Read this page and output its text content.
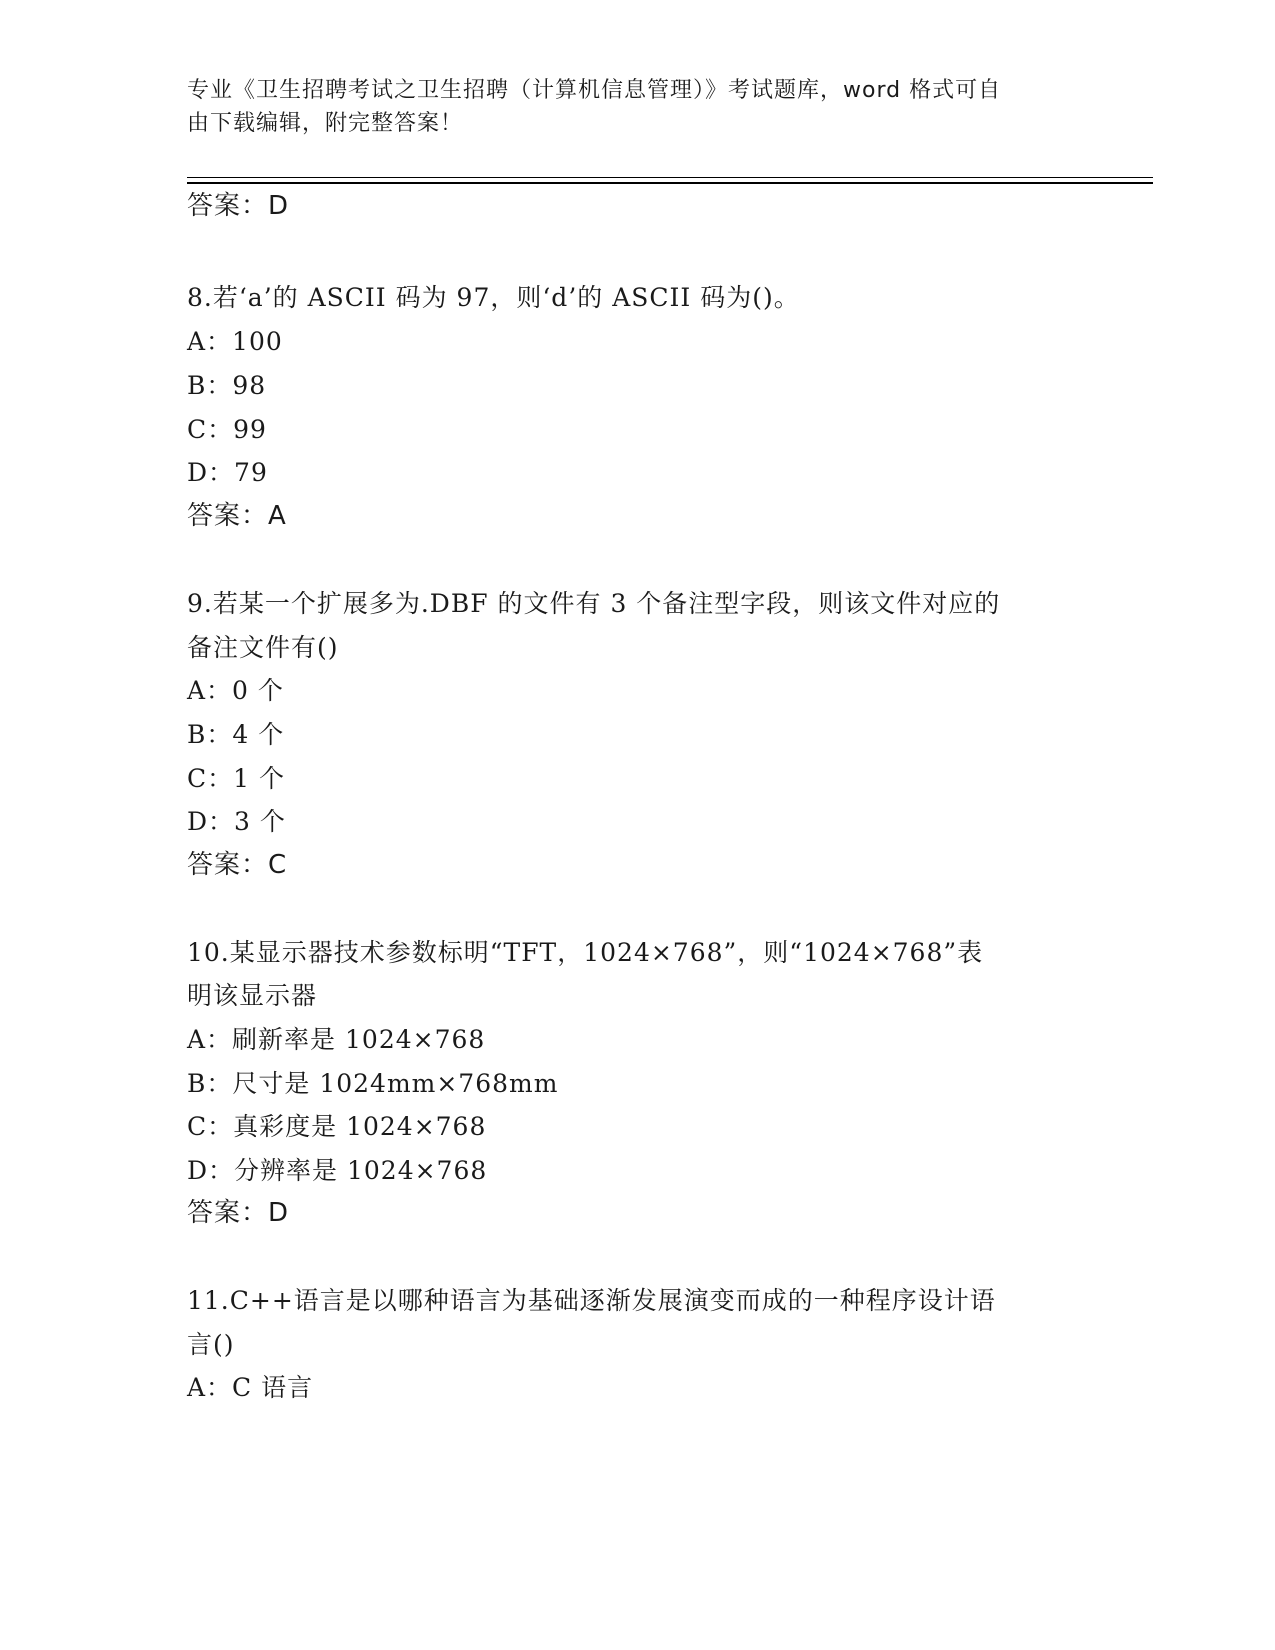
专业《卫生招聘考试之卫生招聘（计算机信息管理）》考试题库，word 格式可自
由下载编辑，附完整答案！
答案：D
8.若‘a’的 ASCII 码为 97，则‘d’的 ASCII 码为()。
A：100
B：98
C：99
D：79
答案：A
9.若某一个扩展多为.DBF 的文件有 3 个备注型字段，则该文件对应的
备注文件有()
A：0 个
B：4 个
C：1 个
D：3 个
答案：C
10.某显示器技术参数标明“TFT，1024×768”，则“1024×768”表
明该显示器
A：刷新率是 1024×768
B：尺寸是 1024mm×768mm
C：真彩度是 1024×768
D：分辨率是 1024×768
答案：D
11.C++语言是以哪种语言为基础逐渐发展演变而成的一种程序设计语
言()
A：C 语言
